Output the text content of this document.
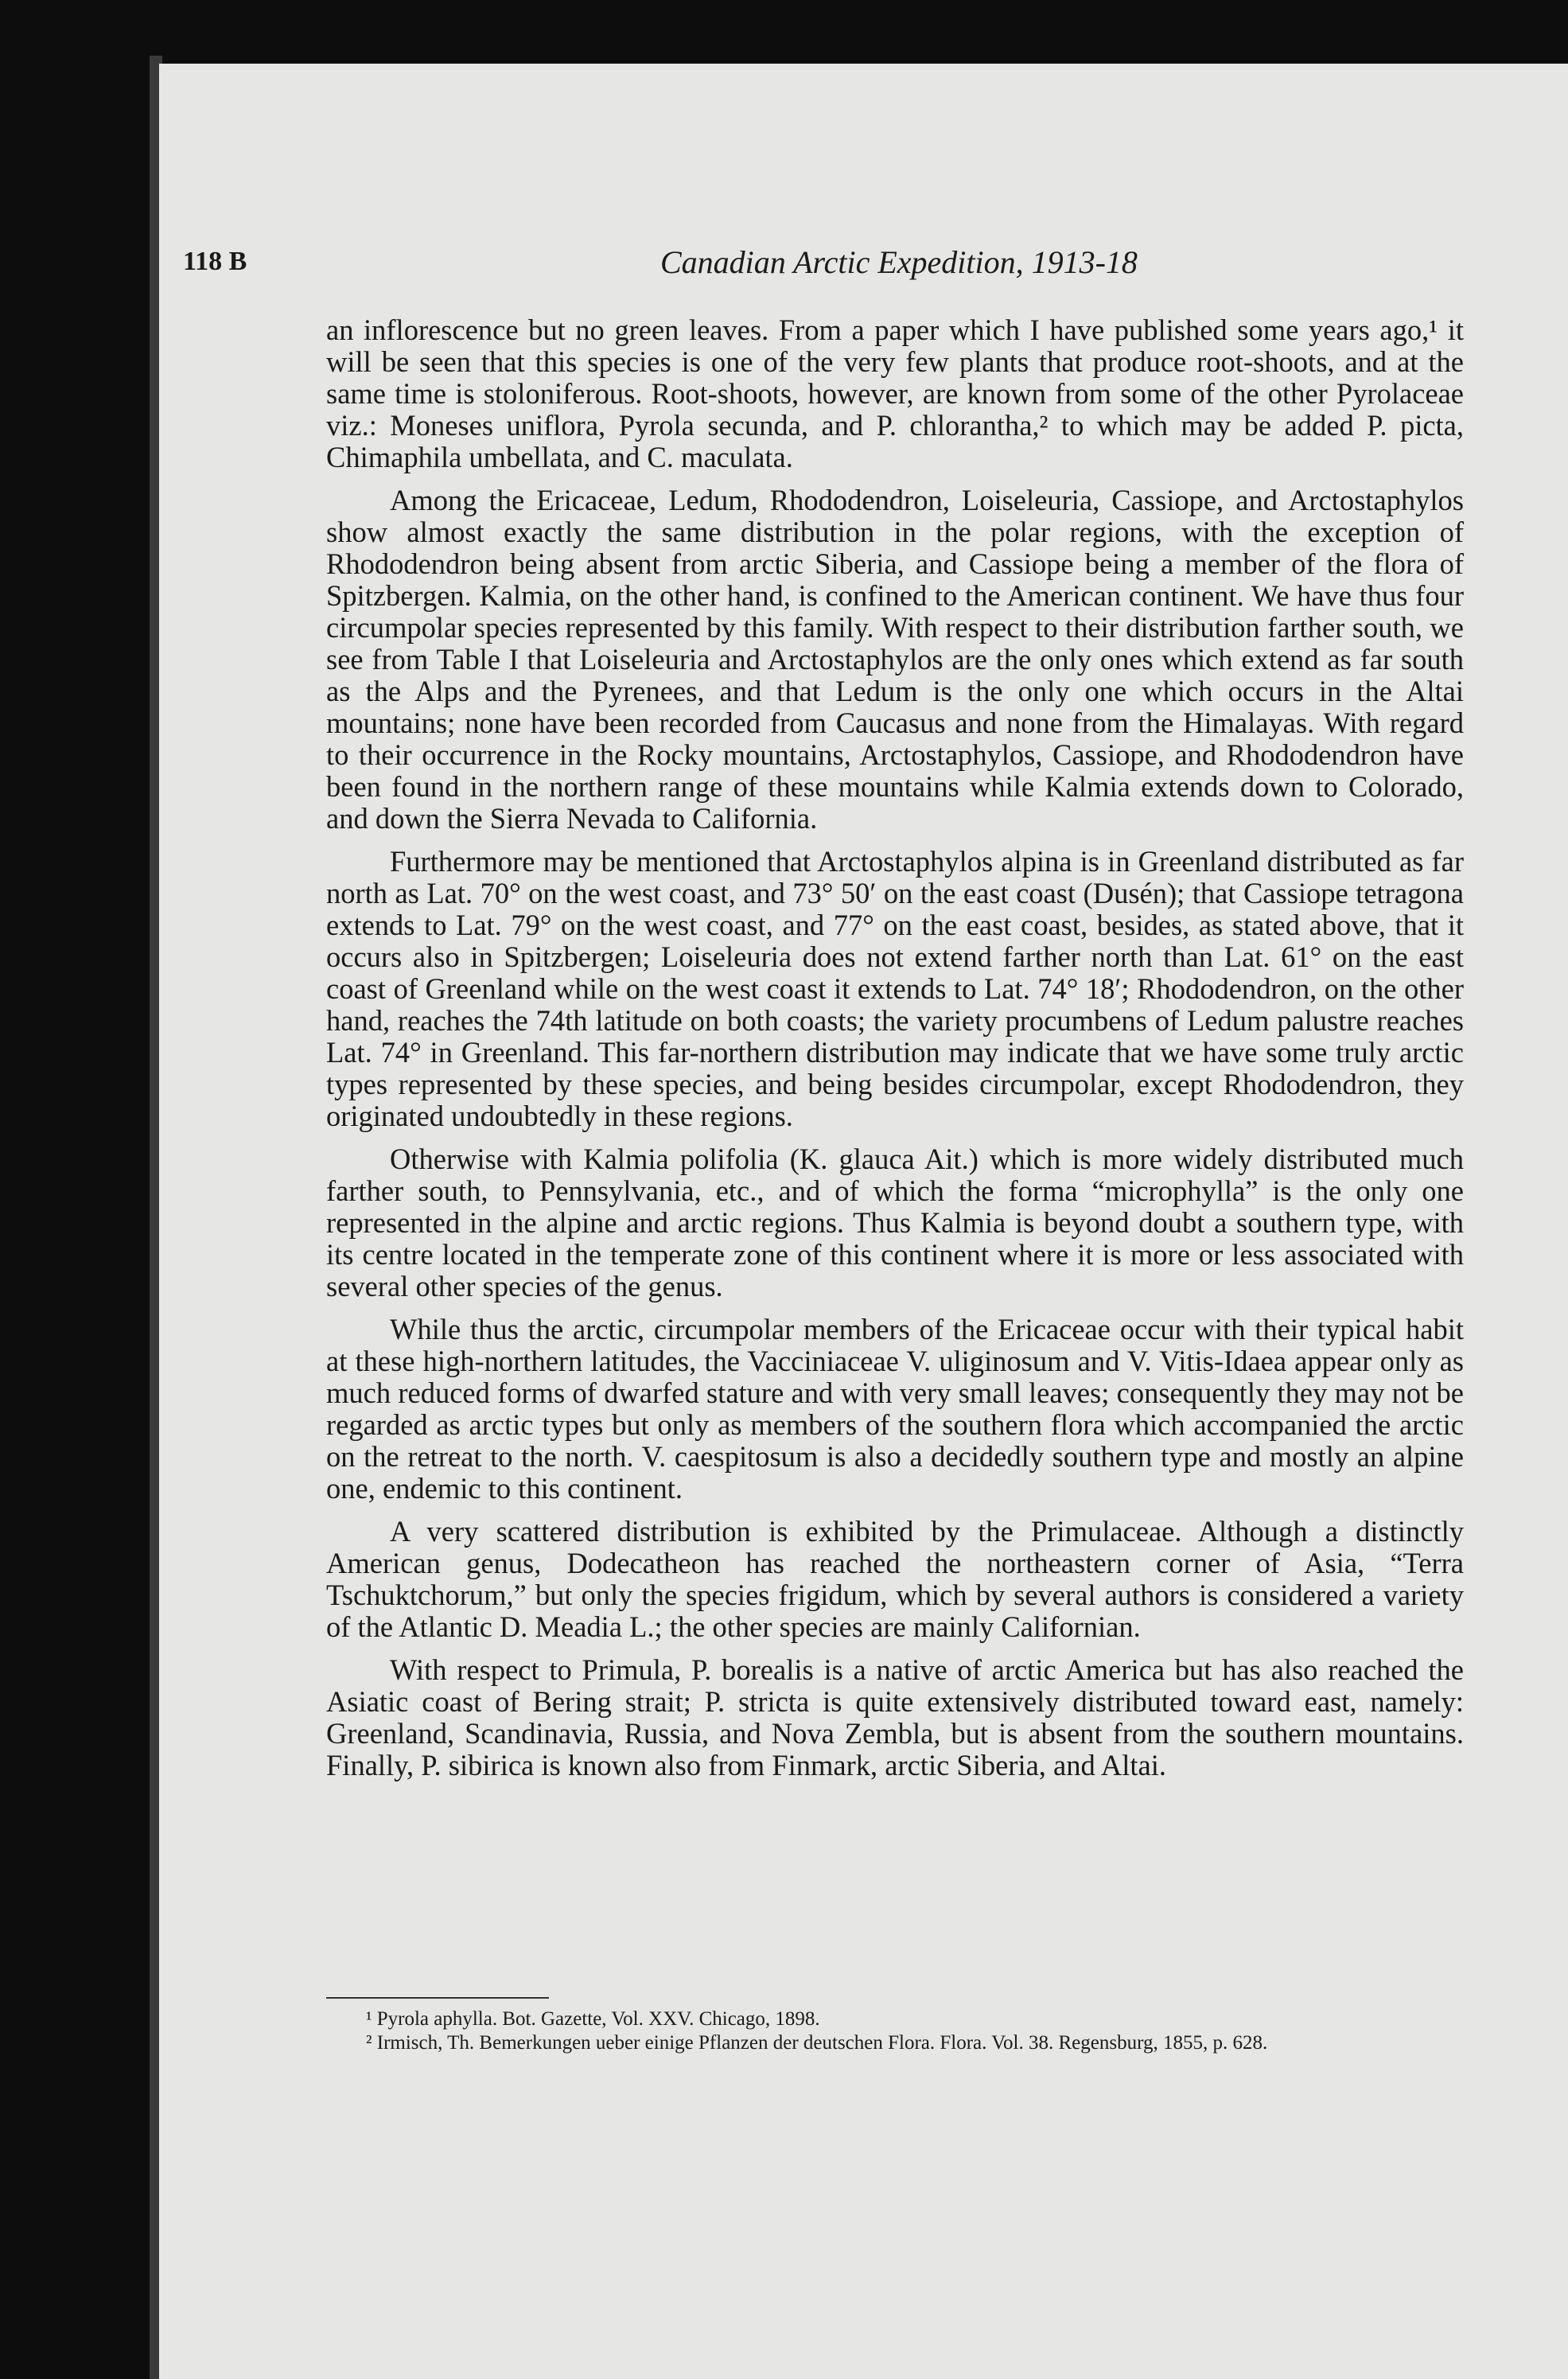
118 B	Canadian Arctic Expedition, 1913-18

an inflorescence but no green leaves. From a paper which I have published some years ago,¹ it will be seen that this species is one of the very few plants that produce root-shoots, and at the same time is stoloniferous. Root-shoots, however, are known from some of the other Pyrolaceae viz.: Moneses uniflora, Pyrola secunda, and P. chlorantha,² to which may be added P. picta, Chimaphila umbellata, and C. maculata.

Among the Ericaceae, Ledum, Rhododendron, Loiseleuria, Cassiope, and Arctostaphylos show almost exactly the same distribution in the polar regions, with the exception of Rhododendron being absent from arctic Siberia, and Cassiope being a member of the flora of Spitzbergen. Kalmia, on the other hand, is confined to the American continent. We have thus four circumpolar species represented by this family. With respect to their distribution farther south, we see from Table I that Loiseleuria and Arctostaphylos are the only ones which extend as far south as the Alps and the Pyrenees, and that Ledum is the only one which occurs in the Altai mountains; none have been recorded from Caucasus and none from the Himalayas. With regard to their occurrence in the Rocky mountains, Arctostaphylos, Cassiope, and Rhododendron have been found in the northern range of these mountains while Kalmia extends down to Colorado, and down the Sierra Nevada to California.

Furthermore may be mentioned that Arctostaphylos alpina is in Greenland distributed as far north as Lat. 70° on the west coast, and 73° 50′ on the east coast (Dusén); that Cassiope tetragona extends to Lat. 79° on the west coast, and 77° on the east coast, besides, as stated above, that it occurs also in Spitzbergen; Loiseleuria does not extend farther north than Lat. 61° on the east coast of Greenland while on the west coast it extends to Lat. 74° 18′; Rhododendron, on the other hand, reaches the 74th latitude on both coasts; the variety procumbens of Ledum palustre reaches Lat. 74° in Greenland. This far-northern distribution may indicate that we have some truly arctic types represented by these species, and being besides circumpolar, except Rhododendron, they originated undoubtedly in these regions.

Otherwise with Kalmia polifolia (K. glauca Ait.) which is more widely distributed much farther south, to Pennsylvania, etc., and of which the forma “microphylla” is the only one represented in the alpine and arctic regions. Thus Kalmia is beyond doubt a southern type, with its centre located in the temperate zone of this continent where it is more or less associated with several other species of the genus.

While thus the arctic, circumpolar members of the Ericaceae occur with their typical habit at these high-northern latitudes, the Vacciniaceae V. uliginosum and V. Vitis-Idaea appear only as much reduced forms of dwarfed stature and with very small leaves; consequently they may not be regarded as arctic types but only as members of the southern flora which accompanied the arctic on the retreat to the north. V. caespitosum is also a decidedly southern type and mostly an alpine one, endemic to this continent.

A very scattered distribution is exhibited by the Primulaceae. Although a distinctly American genus, Dodecatheon has reached the northeastern corner of Asia, “Terra Tschuktchorum,” but only the species frigidum, which by several authors is considered a variety of the Atlantic D. Meadia L.; the other species are mainly Californian.

With respect to Primula, P. borealis is a native of arctic America but has also reached the Asiatic coast of Bering strait; P. stricta is quite extensively distributed toward east, namely: Greenland, Scandinavia, Russia, and Nova Zembla, but is absent from the southern mountains. Finally, P. sibirica is known also from Finmark, arctic Siberia, and Altai.

¹ Pyrola aphylla. Bot. Gazette, Vol. XXV. Chicago, 1898.
² Irmisch, Th. Bemerkungen ueber einige Pflanzen der deutschen Flora. Flora. Vol. 38. Regensburg, 1855, p. 628.
